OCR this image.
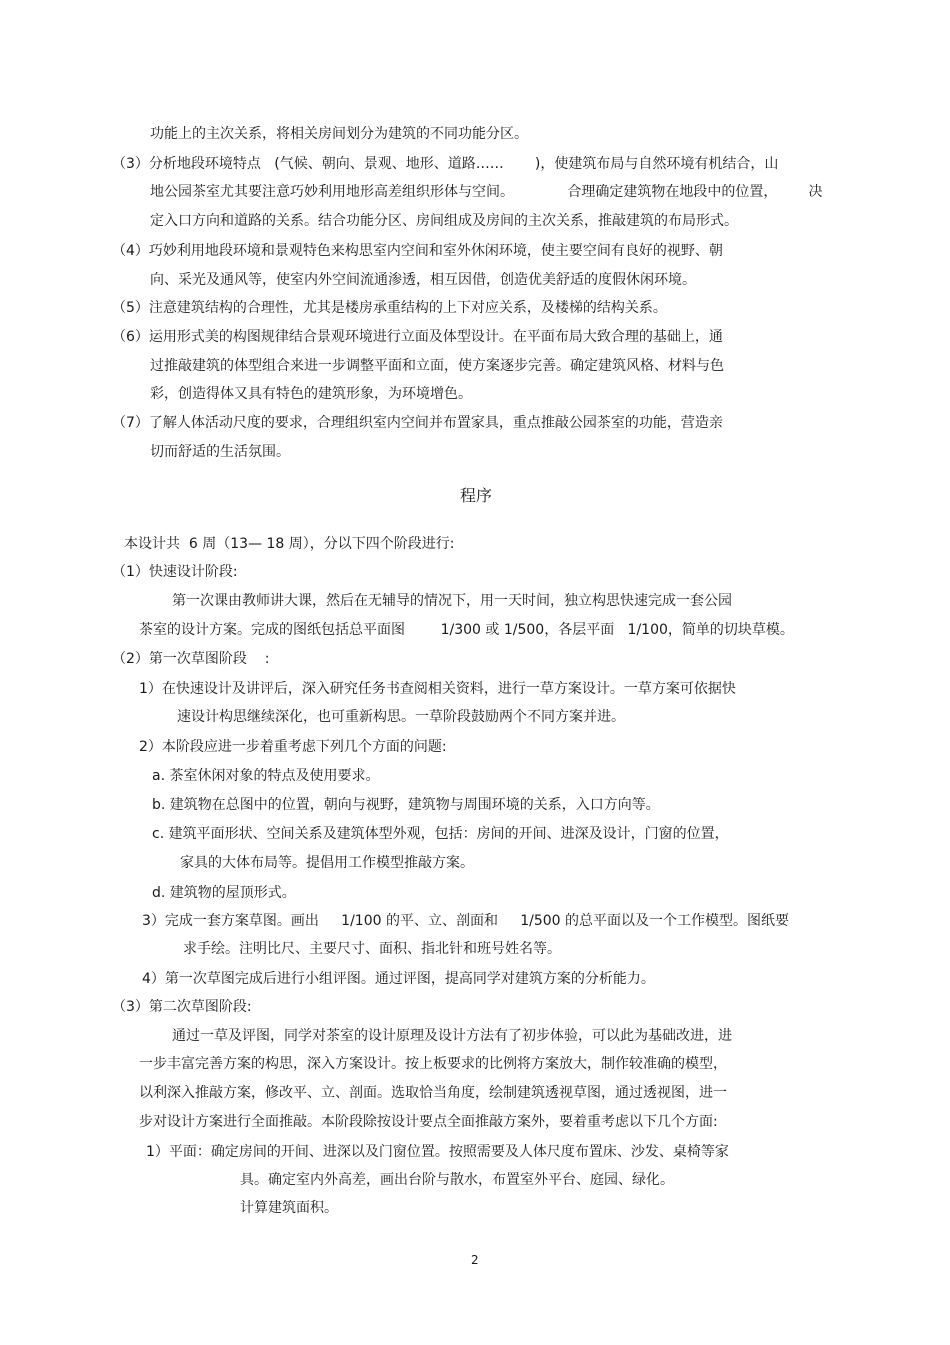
功能上的主次关系，将相关房间划分为建筑的不同功能分区。
（3）分析地段环境特点   (气候、朝向、景观、地形、道路……       )，使建筑布局与自然环境有机结合，山
地公园茶室尤其要注意巧妙利用地形高差组织形体与空间。            合理确定建筑物在地段中的位置，       决
定入口方向和道路的关系。结合功能分区、房间组成及房间的主次关系，推敲建筑的布局形式。
（4）巧妙利用地段环境和景观特色来构思室内空间和室外休闲环境，使主要空间有良好的视野、朝
向、采光及通风等，使室内外空间流通渗透，相互因借，创造优美舒适的度假休闲环境。
（5）注意建筑结构的合理性，尤其是楼房承重结构的上下对应关系，及楼梯的结构关系。
（6）运用形式美的构图规律结合景观环境进行立面及体型设计。在平面布局大致合理的基础上，通
过推敲建筑的体型组合来进一步调整平面和立面，使方案逐步完善。确定建筑风格、材料与色
彩，创造得体又具有特色的建筑形象，为环境增色。
（7）了解人体活动尺度的要求，合理组织室内空间并布置家具，重点推敲公园茶室的功能，营造亲
切而舒适的生活氛围。
程序
本设计共  6 周（13— 18 周），分以下四个阶段进行:
（1）快速设计阶段:
第一次课由教师讲大课，然后在无辅导的情况下，用一天时间，独立构思快速完成一套公园
茶室的设计方案。完成的图纸包括总平面图        1/300 或 1/500，各层平面   1/100，简单的切块草模。
（2）第一次草图阶段    :
1）在快速设计及讲评后，深入研究任务书查阅相关资料，进行一草方案设计。一草方案可依据快
速设计构思继续深化，也可重新构思。一草阶段鼓励两个不同方案并进。
2）本阶段应进一步着重考虑下列几个方面的问题:
a. 茶室休闲对象的特点及使用要求。
b. 建筑物在总图中的位置，朝向与视野，建筑物与周围环境的关系，入口方向等。
c. 建筑平面形状、空间关系及建筑体型外观，包括：房间的开间、进深及设计，门窗的位置，
家具的大体布局等。提倡用工作模型推敲方案。
d. 建筑物的屋顶形式。
3）完成一套方案草图。画出     1/100 的平、立、剖面和     1/500 的总平面以及一个工作模型。图纸要
求手绘。注明比尺、主要尺寸、面积、指北针和班号姓名等。
4）第一次草图完成后进行小组评图。通过评图，提高同学对建筑方案的分析能力。
（3）第二次草图阶段:
通过一草及评图，同学对茶室的设计原理及设计方法有了初步体验，可以此为基础改进，进
一步丰富完善方案的构思，深入方案设计。按上板要求的比例将方案放大，制作较准确的模型，
以利深入推敲方案，修改平、立、剖面。选取恰当角度，绘制建筑透视草图，通过透视图，进一
步对设计方案进行全面推敲。本阶段除按设计要点全面推敲方案外，要着重考虑以下几个方面:
1）平面：确定房间的开间、进深以及门窗位置。按照需要及人体尺度布置床、沙发、桌椅等家
具。确定室内外高差，画出台阶与散水，布置室外平台、庭园、绿化。
计算建筑面积。
2
